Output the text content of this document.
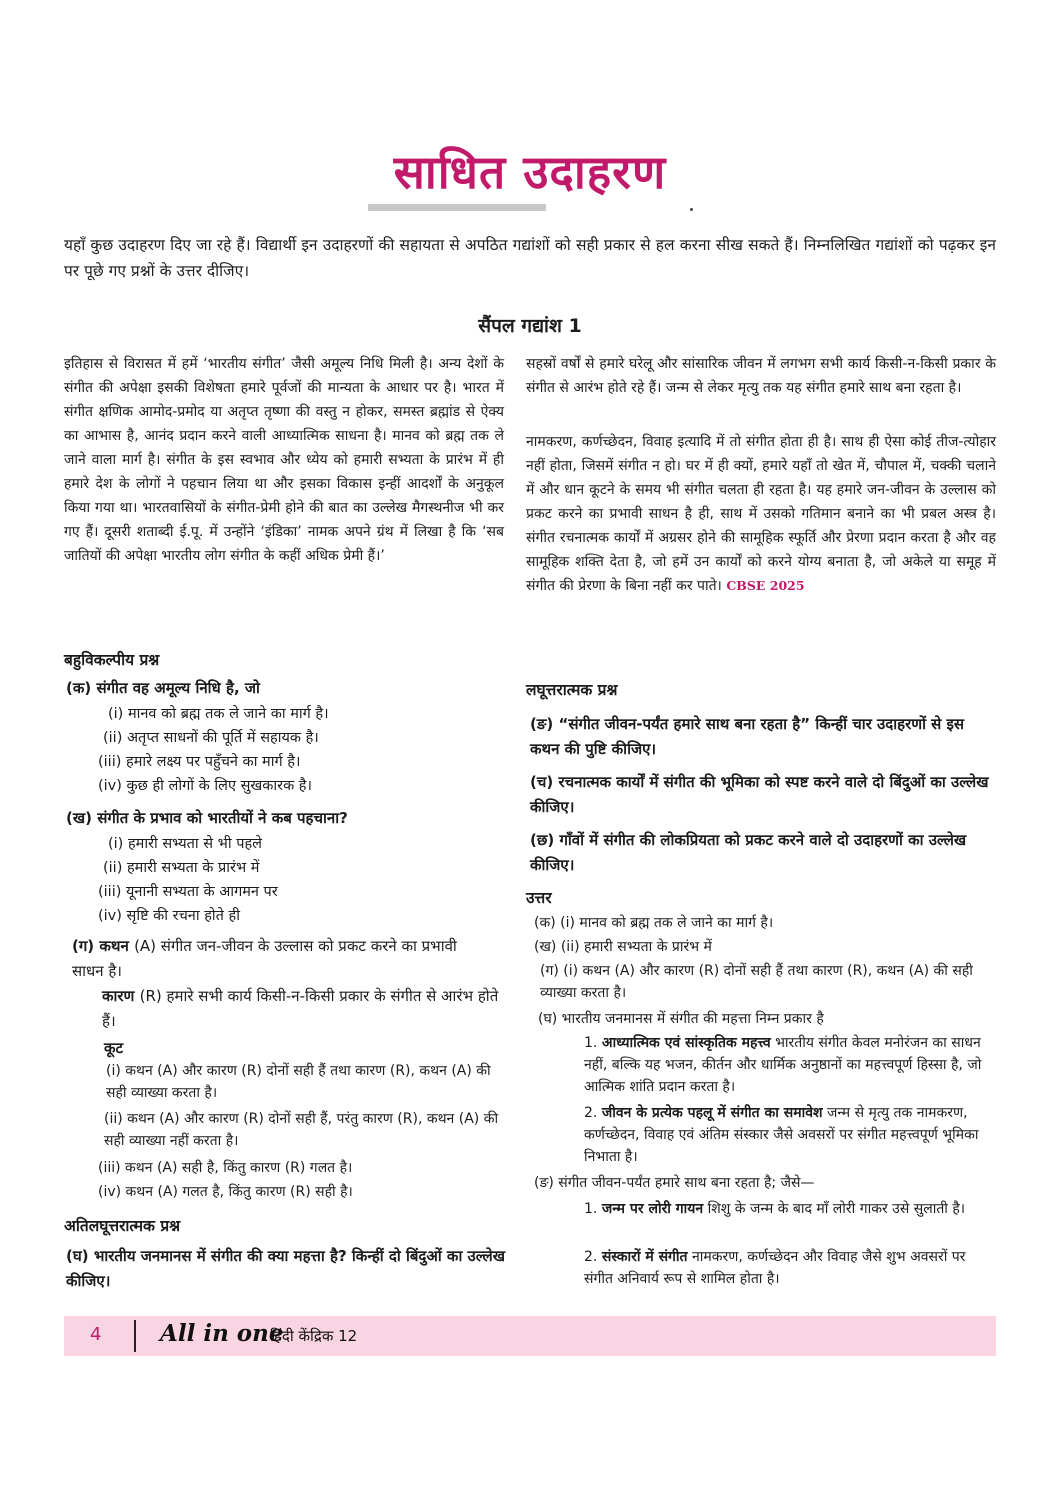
साधित उदाहरण

यहाँ कुछ उदाहरण दिए जा रहे हैं। विद्यार्थी इन उदाहरणों की सहायता से अपठित गद्यांशों को सही प्रकार से हल करना सीख सकते हैं। निम्नलिखित गद्यांशों को पढ़कर इन पर पूछे गए प्रश्नों के उत्तर दीजिए।

सैंपल गद्यांश 1

इतिहास से विरासत में हमें ‘भारतीय संगीत’ जैसी अमूल्य निधि मिली है। अन्य देशों के संगीत की अपेक्षा इसकी विशेषता हमारे पूर्वजों की मान्यता के आधार पर है। भारत में संगीत क्षणिक आमोद-प्रमोद या अतृप्त तृष्णा की वस्तु न होकर, समस्त ब्रह्मांड से ऐक्य का आभास है, आनंद प्रदान करने वाली आध्यात्मिक साधना है। मानव को ब्रह्म तक ले जाने वाला मार्ग है। संगीत के इस स्वभाव और ध्येय को हमारी सभ्यता के प्रारंभ में ही हमारे देश के लोगों ने पहचान लिया था और इसका विकास इन्हीं आदर्शों के अनुकूल किया गया था। भारतवासियों के संगीत-प्रेमी होने की बात का उल्लेख मैगस्थनीज भी कर गए हैं। दूसरी शताब्दी ई.पू. में उन्होंने ‘इंडिका’ नामक अपने ग्रंथ में लिखा है कि ‘सब जातियों की अपेक्षा भारतीय लोग संगीत के कहीं अधिक प्रेमी हैं।’

सहस्रों वर्षों से हमारे घरेलू और सांसारिक जीवन में लगभग सभी कार्य किसी-न-किसी प्रकार के संगीत से आरंभ होते रहे हैं। जन्म से लेकर मृत्यु तक यह संगीत हमारे साथ बना रहता है।

नामकरण, कर्णच्छेदन, विवाह इत्यादि में तो संगीत होता ही है। साथ ही ऐसा कोई तीज-त्योहार नहीं होता, जिसमें संगीत न हो। घर में ही क्यों, हमारे यहाँ तो खेत में, चौपाल में, चक्की चलाने में और धान कूटने के समय भी संगीत चलता ही रहता है। यह हमारे जन-जीवन के उल्लास को प्रकट करने का प्रभावी साधन है ही, साथ में उसको गतिमान बनाने का भी प्रबल अस्त्र है। संगीत रचनात्मक कार्यों में अग्रसर होने की सामूहिक स्फूर्ति और प्रेरणा प्रदान करता है और वह सामूहिक शक्ति देता है, जो हमें उन कार्यों को करने योग्य बनाता है, जो अकेले या समूह में संगीत की प्रेरणा के बिना नहीं कर पाते। CBSE 2025

बहुविकल्पीय प्रश्न

(क) संगीत वह अमूल्य निधि है, जो

(i) मानव को ब्रह्म तक ले जाने का मार्ग है।

(ii) अतृप्त साधनों की पूर्ति में सहायक है।

(iii) हमारे लक्ष्य पर पहुँचने का मार्ग है।

(iv) कुछ ही लोगों के लिए सुखकारक है।

(ख) संगीत के प्रभाव को भारतीयों ने कब पहचाना?

(i) हमारी सभ्यता से भी पहले

(ii) हमारी सभ्यता के प्रारंभ में

(iii) यूनानी सभ्यता के आगमन पर

(iv) सृष्टि की रचना होते ही

(ग) कथन (A) संगीत जन-जीवन के उल्लास को प्रकट करने का प्रभावी साधन है।

कारण (R) हमारे सभी कार्य किसी-न-किसी प्रकार के संगीत से आरंभ होते हैं।

कूट

(i) कथन (A) और कारण (R) दोनों सही हैं तथा कारण (R), कथन (A) की सही व्याख्या करता है।

(ii) कथन (A) और कारण (R) दोनों सही हैं, परंतु कारण (R), कथन (A) की सही व्याख्या नहीं करता है।

(iii) कथन (A) सही है, किंतु कारण (R) गलत है।

(iv) कथन (A) गलत है, किंतु कारण (R) सही है।

अतिलघूत्तरात्मक प्रश्न

(घ) भारतीय जनमानस में संगीत की क्या महत्ता है? किन्हीं दो बिंदुओं का उल्लेख कीजिए।

लघूत्तरात्मक प्रश्न

(ङ) “संगीत जीवन-पर्यंत हमारे साथ बना रहता है” किन्हीं चार उदाहरणों से इस कथन की पुष्टि कीजिए।

(च) रचनात्मक कार्यों में संगीत की भूमिका को स्पष्ट करने वाले दो बिंदुओं का उल्लेख कीजिए।

(छ) गाँवों में संगीत की लोकप्रियता को प्रकट करने वाले दो उदाहरणों का उल्लेख कीजिए।

उत्तर

(क) (i) मानव को ब्रह्म तक ले जाने का मार्ग है।

(ख) (ii) हमारी सभ्यता के प्रारंभ में

(ग) (i) कथन (A) और कारण (R) दोनों सही हैं तथा कारण (R), कथन (A) की सही व्याख्या करता है।

(घ) भारतीय जनमानस में संगीत की महत्ता निम्न प्रकार है

1. आध्यात्मिक एवं सांस्कृतिक महत्त्व भारतीय संगीत केवल मनोरंजन का साधन नहीं, बल्कि यह भजन, कीर्तन और धार्मिक अनुष्ठानों का महत्त्वपूर्ण हिस्सा है, जो आत्मिक शांति प्रदान करता है।

2. जीवन के प्रत्येक पहलू में संगीत का समावेश जन्म से मृत्यु तक नामकरण, कर्णच्छेदन, विवाह एवं अंतिम संस्कार जैसे अवसरों पर संगीत महत्त्वपूर्ण भूमिका निभाता है।

(ङ) संगीत जीवन-पर्यंत हमारे साथ बना रहता है; जैसे—

1. जन्म पर लोरी गायन शिशु के जन्म के बाद माँ लोरी गाकर उसे सुलाती है।

2. संस्कारों में संगीत नामकरण, कर्णच्छेदन और विवाह जैसे शुभ अवसरों पर संगीत अनिवार्य रूप से शामिल होता है।

4	All in one
हिंदी केंद्रिक 12
